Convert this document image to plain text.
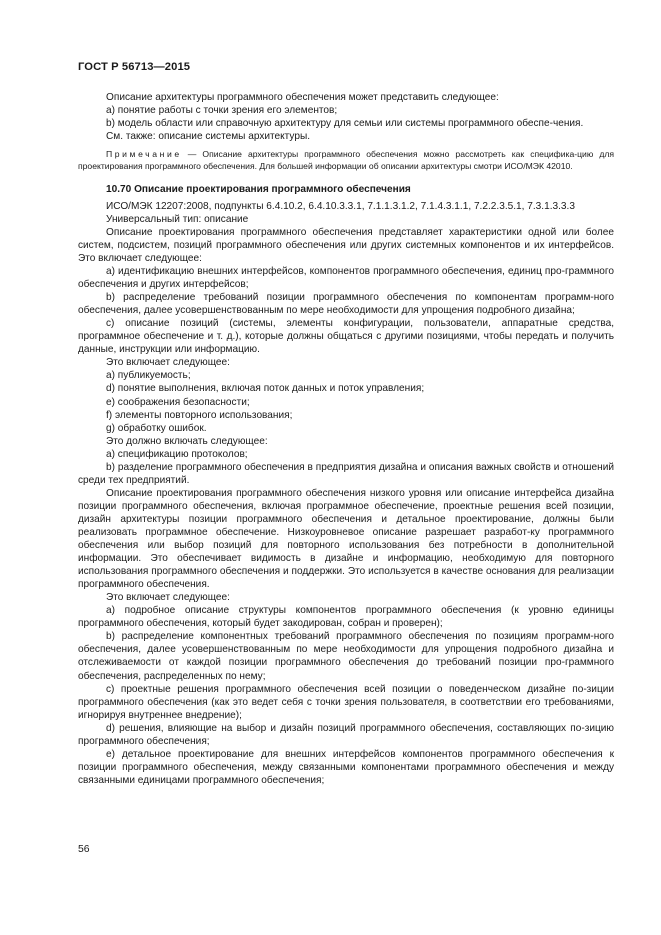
ГОСТ Р 56713—2015

Описание архитектуры программного обеспечения может представить следующее:

a) понятие работы с точки зрения его элементов;

b) модель области или справочную архитектуру для семьи или системы программного обеспе-чения.

См. также: описание системы архитектуры.

Примечание — Описание архитектуры программного обеспечения можно рассмотреть как специфика-цию для проектирования программного обеспечения. Для большей информации об описании архитектуры смотри ИСО/МЭК 42010.

10.70 Описание проектирования программного обеспечения

ИСО/МЭК 12207:2008, подпункты 6.4.10.2, 6.4.10.3.3.1, 7.1.1.3.1.2, 7.1.4.3.1.1, 7.2.2.3.5.1, 7.3.1.3.3.3

Универсальный тип: описание

Описание проектирования программного обеспечения представляет характеристики одной или более систем, подсистем, позиций программного обеспечения или других системных компонентов и их интерфейсов. Это включает следующее:

a) идентификацию внешних интерфейсов, компонентов программного обеспечения, единиц про-граммного обеспечения и других интерфейсов;

b) распределение требований позиции программного обеспечения по компонентам программ-ного обеспечения, далее усовершенствованным по мере необходимости для упрощения подробного дизайна;

c) описание позиций (системы, элементы конфигурации, пользователи, аппаратные средства, программное обеспечение и т. д.), которые должны общаться с другими позициями, чтобы передать и получить данные, инструкции или информацию.

Это включает следующее:

a) публикуемость;

d) понятие выполнения, включая поток данных и поток управления;

e) соображения безопасности;

f) элементы повторного использования;

g) обработку ошибок.

Это должно включать следующее:

a) спецификацию протоколов;

b) разделение программного обеспечения в предприятия дизайна и описания важных свойств и отношений среди тех предприятий.

Описание проектирования программного обеспечения низкого уровня или описание интерфейса дизайна позиции программного обеспечения, включая программное обеспечение, проектные решения всей позиции, дизайн архитектуры позиции программного обеспечения и детальное проектирование, должны были реализовать программное обеспечение. Низкоуровневое описание разрешает разработ-ку программного обеспечения или выбор позиций для повторного использования без потребности в дополнительной информации. Это обеспечивает видимость в дизайне и информацию, необходимую для повторного использования программного обеспечения и поддержки. Это используется в качестве основания для реализации программного обеспечения.

Это включает следующее:

a) подробное описание структуры компонентов программного обеспечения (к уровню единицы программного обеспечения, который будет закодирован, собран и проверен);

b) распределение компонентных требований программного обеспечения по позициям программ-ного обеспечения, далее усовершенствованным по мере необходимости для упрощения подробного дизайна и отслеживаемости от каждой позиции программного обеспечения до требований позиции про-граммного обеспечения, распределенных по нему;

c) проектные решения программного обеспечения всей позиции о поведенческом дизайне по-зиции программного обеспечения (как это ведет себя с точки зрения пользователя, в соответствии его требованиями, игнорируя внутреннее внедрение);

d) решения, влияющие на выбор и дизайн позиций программного обеспечения, составляющих по-зицию программного обеспечения;

e) детальное проектирование для внешних интерфейсов компонентов программного обеспечения к позиции программного обеспечения, между связанными компонентами программного обеспечения и между связанными единицами программного обеспечения;

56
